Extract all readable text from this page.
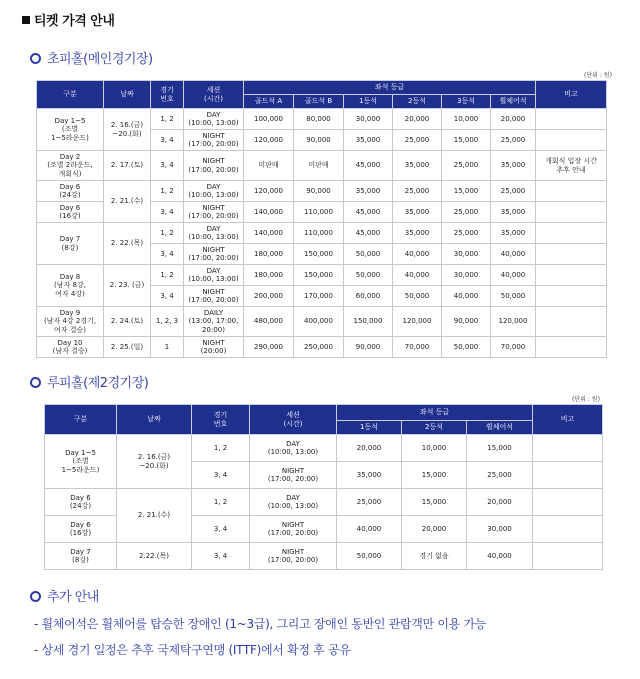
티켓 가격 안내
초피홀(메인경기장)
(단위 : 원)
구분	날짜	경기
번호	세션
(시간)	좌석 등급						비고
				골드석 A	골드석 B	1등석	2등석	3등석	휠체어석	
Day 1~5
(조별
1~5라운드)	2. 16.(금)
~20.(화)	1, 2	DAY
(10:00, 13:00)	100,000	80,000	30,000	20,000	10,000	20,000	
		3, 4	NIGHT
(17:00, 20:00)	120,000	90,000	35,000	25,000	15,000	25,000	
Day 2
(조별 2라운드,
개회식)	2. 17.(토)	3, 4	NIGHT
(17:00, 20:00)	미판매	미판매	45,000	35,000	25,000	35,000	개회식 입장 시간
추후 안내
Day 6
(24강)	2. 21.(수)	1, 2	DAY
(10:00, 13:00)	120,000	90,000	35,000	25,000	15,000	25,000	
Day 6
(16강)		3, 4	NIGHT
(17:00, 20:00)	140,000	110,000	45,000	35,000	25,000	35,000	
Day 7
(8강)	2. 22.(목)	1, 2	DAY
(10:00, 13:00)	140,000	110,000	45,000	35,000	25,000	35,000	
		3, 4	NIGHT
(17:00, 20:00)	180,000	150,000	50,000	40,000	30,000	40,000	
Day 8
(남자 8강,
여자 4강)	2. 23. (금)	1, 2	DAY
(10:00, 13:00)	180,000	150,000	50,000	40,000	30,000	40,000	
		3, 4	NIGHT
(17:00, 20:00)	200,000	170,000	60,000	50,000	40,000	50,000	
Day 9
(남자 4강 2경기,
여자 결승)	2. 24.(토)	1, 2, 3	DAILY
(13:00, 17:00,
20:00)	480,000	400,000	150,000	120,000	90,000	120,000	
Day 10
(남자 결승)	2. 25.(일)	1	NIGHT
(20:00)	290,000	250,000	90,000	70,000	50,000	70,000	
루피홀(제2경기장)
(단위 : 원)
구분	날짜	경기
번호	세션
(시간)	좌석 등급			비고
				1등석	2등석	휠체어석	
Day 1~5
(조별
1~5라운드)	2. 16.(금)
~20.(화)	1, 2	DAY
(10:00, 13:00)	20,000	10,000	15,000	
		3, 4	NIGHT
(17:00, 20:00)	35,000	15,000	25,000	
Day 6
(24강)	2. 21.(수)	1, 2	DAY
(10:00, 13:00)	25,000	15,000	20,000	
Day 6
(16강)		3, 4	NIGHT
(17:00, 20:00)	40,000	20,000	30,000	
Day 7
(8강)	2.22.(목)	3, 4	NIGHT
(17:00, 20:00)	50,000	경기 없음	40,000	
추가 안내
- 휠체어석은 휠체어를 탑승한 장애인 (1~3급), 그리고 장애인 동반인 관람객만 이용 가능
- 상세 경기 일정은 추후 국제탁구연맹 (ITTF)에서 확정 후 공유
